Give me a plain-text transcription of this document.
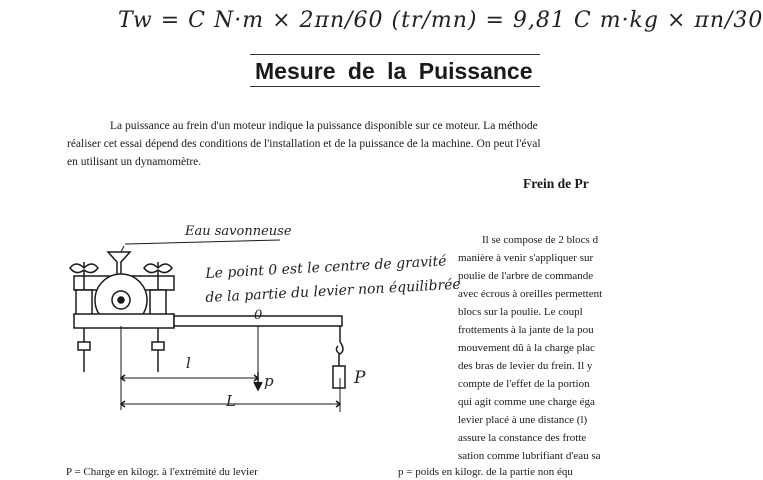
Tw = C N·m × 2πn/60 (tr/mn) = 9,81 C m·kg × πn/30
Mesure de la Puissance
La puissance au frein d'un moteur indique la puissance disponible sur ce moteur. La méthode
réaliser cet essai dépend des conditions de l'installation et de la puissance de la machine. On peut l'éval
en utilisant un dynamomètre.
Frein de Pr
Il se compose de 2 blocs d
manière à venir s'appliquer sur
poulie de l'arbre de commande
avec écrous à oreilles permettent
blocs sur la poulie. Le coupl
frottements à la jante de la pou
mouvement dû à la charge plac
des bras de levier du frein. Il y
compte de l'effet de la portion
qui agit comme une charge éga
levier placé à une distance (l)
assure la constance des frotte
sation comme lubrifiant d'eau sa
Eau savonneuse
Le point 0 est le centre de gravité
de la partie du levier non équilibrée
0
l
p
L
P
P = Charge en kilogr. à l'extrémité du levier	p = poids en kilogr. de la partie non équ
